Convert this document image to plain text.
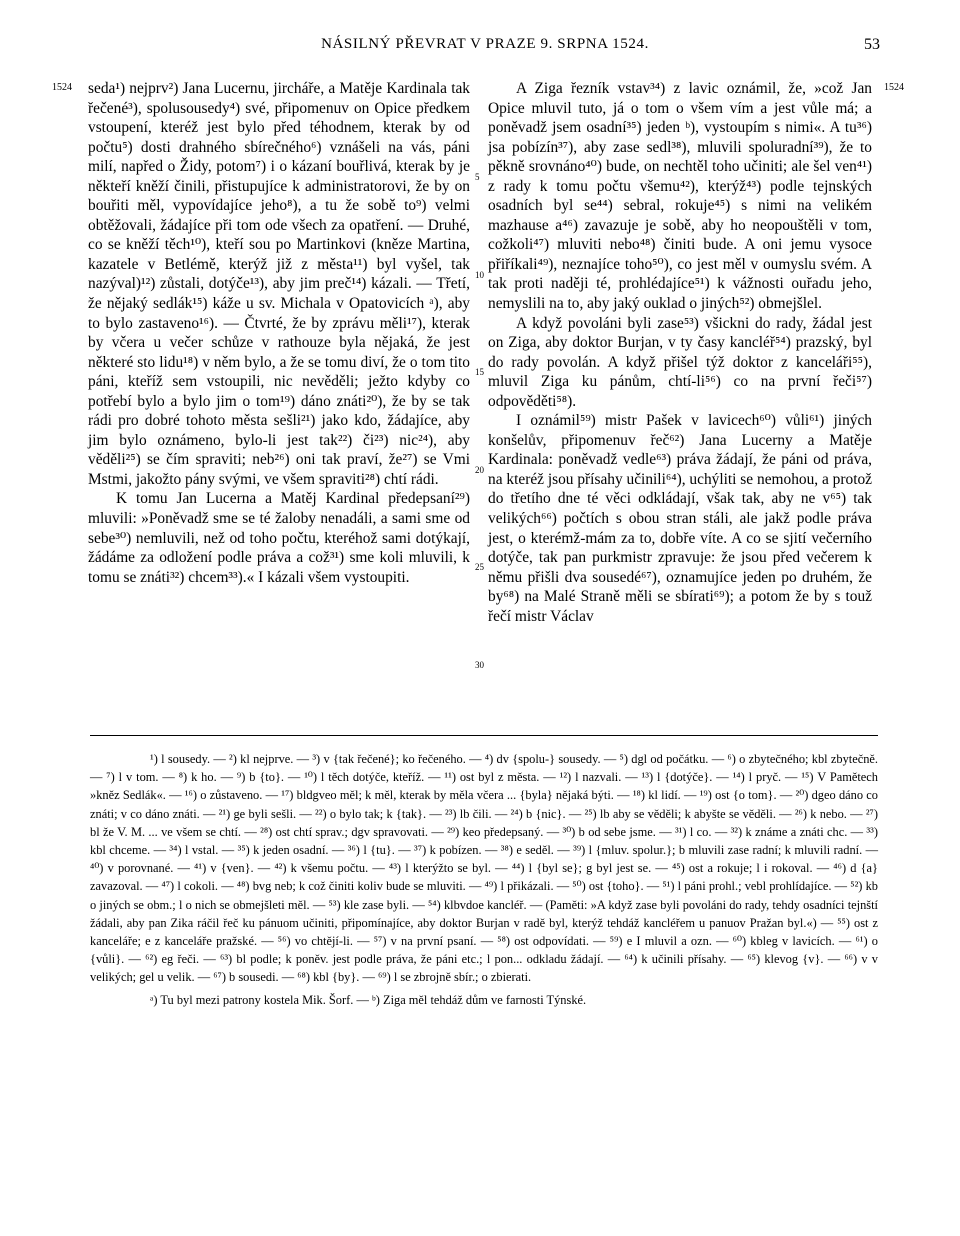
NÁSILNÝ PŘEVRAT V PRAZE 9. SRPNA 1524.	53
1524	1524

seda¹) nejprv²) Jana Lucernu, jircháře, a Matěje Kardinala tak řečené³), spolusousedy⁴) své, připomenuv on Opice předkem vstoupení, kteréž jest bylo před téhodnem, kterak by od počtu⁵) dosti drahného sbírečného⁶) vznášeli na vás, páni milí, napřed o Židy, potom⁷) i o kázaní bouřlivá, kterak by je někteří kněží činili, přistupujíce k administratorovi, že by on bouřiti měl, vypovídajíce jeho⁸), a tu že sobě to⁹) velmi obtěžovali, žádajíce při tom ode všech za opatření. — Druhé, co se kněží těch¹⁰), kteří sou po Martinkovi (kněze Martina, kazatele v Betlémě, kterýž již z města¹¹) byl vyšel, tak nazýval)¹²) zůstali, dotýče¹³), aby jim preč¹⁴) kázali. — Třetí, že nějaký sedlák¹⁵) káže u sv. Michala v Opatovicích ᵃ), aby to bylo zastaveno¹⁶). — Čtvrté, že by zprávu měli¹⁷), kterak by včera u večer schůze v rathouze byla nějaká, že jest některé sto lidu¹⁸) v něm bylo, a že se tomu diví, že o tom tito páni, kteříž sem vstoupili, nic nevěděli; ježto kdyby co potřebí bylo a bylo jim o tom¹⁹) dáno znáti²⁰), že by se tak rádi pro dobré tohoto města sešli²¹) jako kdo, žádajíce, aby jim bylo oznámeno, bylo-li jest tak²²) či²³) nic²⁴), aby věděli²⁵) se čím spraviti; neb²⁶) oni tak praví, že²⁷) se Vmi Mstmi, jakožto pány svými, ve všem spraviti²⁸) chtí rádi.

K tomu Jan Lucerna a Matěj Kardinal předepsaní²⁹) mluvili: »Poněvadž sme se té žaloby nenadáli, a sami sme od sebe³⁰) nemluvili, než od toho počtu, kteréhož sami dotýkají, žádáme za odložení podle práva a což³¹) sme koli mluvili, k tomu se znáti³²) chcem³³).« I kázali všem vystoupiti.

5
10
15
20
25
30

A Ziga řezník vstav³⁴) z lavic oznámil, že, »což Jan Opice mluvil tuto, já o tom o všem vím a jest vůle má; a poněvadž jsem osadní³⁵) jeden ᵇ), vystoupím s nimi«. A tu³⁶) jsa pobízín³⁷), aby zase sedl³⁸), mluvili spoluradní³⁹), že to pěkně srovnáno⁴⁰) bude, on nechtěl toho učiniti; ale šel ven⁴¹) z rady k tomu počtu všemu⁴²), kterýž⁴³) podle tejnských osadních byl se⁴⁴) sebral, rokuje⁴⁵) s nimi na velikém mazhause a⁴⁶) zavazuje je sobě, aby ho neopouštěli v tom, cožkoli⁴⁷) mluviti nebo⁴⁸) činiti bude. A oni jemu vysoce přiříkali⁴⁹), neznajíce toho⁵⁰), co jest měl v oumyslu svém. A tak proti naději té, prohlédajíce⁵¹) k vážnosti ouřadu jeho, nemyslili na to, aby jaký ouklad o jiných⁵²) obmejšlel.

A když povoláni byli zase⁵³) všickni do rady, žádal jest on Ziga, aby doktor Burjan, v ty časy kancléř⁵⁴) prazský, byl do rady povolán. A když přišel týž doktor z kanceláři⁵⁵), mluvil Ziga ku pánům, chtí-li⁵⁶) co na první řeči⁵⁷) odpověděti⁵⁸).

I oznámil⁵⁹) mistr Pašek v lavicech⁶⁰) vůli⁶¹) jiných konšelův, připomenuv řeč⁶²) Jana Lucerny a Matěje Kardinala: poněvadž vedle⁶³) práva žádají, že páni od práva, na kteréž jsou přísahy učinili⁶⁴), uchýliti se nemohou, a protož do třetího dne té věci odkládají, však tak, aby ne v⁶⁵) tak velikých⁶⁶) počtích s obou stran stáli, ale jakž podle práva jest, o kterémž-mám za to, dobře víte. A co se sjití večerního dotýče, tak pan purkmistr zpravuje: že jsou před večerem k němu přišli dva sousedé⁶⁷), oznamujíce jeden po druhém, že by⁶⁸) na Malé Straně měli se sbírati⁶⁹); a potom že by s touž řečí mistr Václav

¹) l sousedy. — ²) kl nejprve. — ³) v {tak řečené}; ko řečeného. — ⁴) dv {spolu-} sousedy. — ⁵) dgl od počátku. — ⁶) o zbytečného; kbl zbytečně. — ⁷) l v tom. — ⁸) k ho. — ⁹) b {to}. — ¹⁰) l těch dotýče, kteříž. — ¹¹) ost byl z města. — ¹²) l nazvali. — ¹³) l {dotýče}. — ¹⁴) l pryč. — ¹⁵) V Pamětech »kněz Sedlák«. — ¹⁶) o zůstaveno. — ¹⁷) bldgveo měl; k měl, kterak by měla včera ... {byla} nějaká býti. — ¹⁸) kl lidí. — ¹⁹) ost {o tom}. — ²⁰) dgeo dáno co znáti; v co dáno znáti. — ²¹) ge byli sešli. — ²²) o bylo tak; k {tak}. — ²³) lb čili. — ²⁴) b {nic}. — ²⁵) lb aby se věděli; k abyšte se věděli. — ²⁶) k nebo. — ²⁷) bl že V. M. ... ve všem se chtí. — ²⁸) ost chtí sprav.; dgv spravovati. — ²⁹) keo předepsaný. — ³⁰) b od sebe jsme. — ³¹) l co. — ³²) k známe a znáti chc. — ³³) kbl chceme. — ³⁴) l vstal. — ³⁵) k jeden osadní. — ³⁶) l {tu}. — ³⁷) k pobízen. — ³⁸) e seděl. — ³⁹) l {mluv. spolur.}; b mluvili zase radní; k mluvili radní. — ⁴⁰) v porovnané. — ⁴¹) v {ven}. — ⁴²) k všemu počtu. — ⁴³) l kterýžto se byl. — ⁴⁴) l {byl se}; g byl jest se. — ⁴⁵) ost a rokuje; l i rokoval. — ⁴⁶) d {a} zavazoval. — ⁴⁷) l cokoli. — ⁴⁸) bvg neb; k což činiti koliv bude se mluviti. — ⁴⁹) l přikázali. — ⁵⁰) ost {toho}. — ⁵¹) l páni prohl.; vebl prohlídajíce. — ⁵²) kb o jiných se obm.; l o nich se obmejšleti měl. — ⁵³) kle zase byli. — ⁵⁴) klbvdoe kancléř. — (Paměti: »A když zase byli povoláni do rady, tehdy osadníci tejnští žádali, aby pan Zika ráčil řeč ku pánuom učiniti, připomínajíce, aby doktor Burjan v radě byl, kterýž tehdáž kancléřem u panuov Pražan byl.«) — ⁵⁵) ost z kanceláře; e z kanceláře pražské. — ⁵⁶) vo chtějí-li. — ⁵⁷) v na první psaní. — ⁵⁸) ost odpovídati. — ⁵⁹) e I mluvil a ozn. — ⁶⁰) kbleg v lavicích. — ⁶¹) o {vůli}. — ⁶²) eg řeči. — ⁶³) bl podle; k poněv. jest podle práva, že páni etc.; l pon... odkladu žádají. — ⁶⁴) k učinili přísahy. — ⁶⁵) klevog {v}. — ⁶⁶) v v velikých; gel u velik. — ⁶⁷) b sousedi. — ⁶⁸) kbl {by}. — ⁶⁹) l se zbrojně sbír.; o zbierati.

ᵃ) Tu byl mezi patrony kostela Mik. Šorf. — ᵇ) Ziga měl tehdáž dům ve farnosti Týnské.
